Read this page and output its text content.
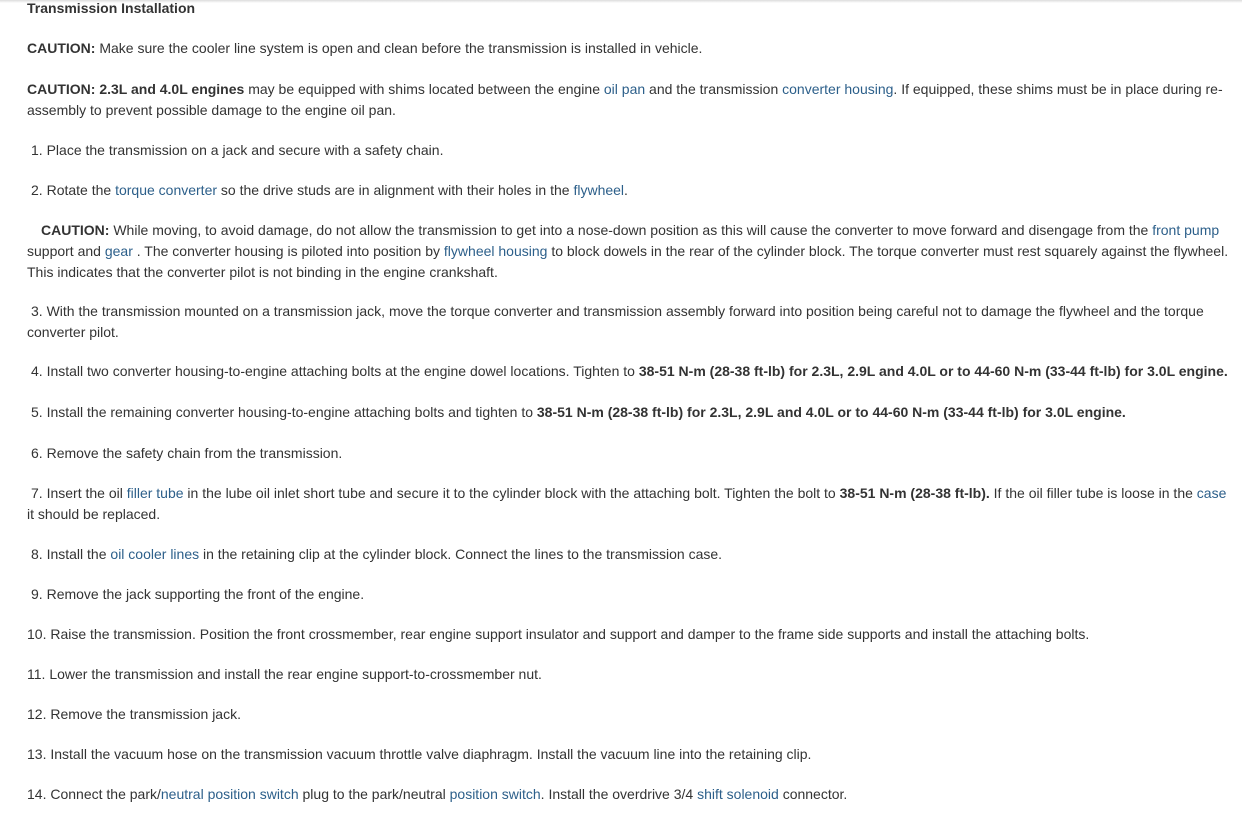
Transmission Installation
CAUTION: Make sure the cooler line system is open and clean before the transmission is installed in vehicle.
CAUTION: 2.3L and 4.0L engines may be equipped with shims located between the engine oil pan and the transmission converter housing. If equipped, these shims must be in place during re-
assembly to prevent possible damage to the engine oil pan.
1. Place the transmission on a jack and secure with a safety chain.
2. Rotate the torque converter so the drive studs are in alignment with their holes in the flywheel.
CAUTION: While moving, to avoid damage, do not allow the transmission to get into a nose-down position as this will cause the converter to move forward and disengage from the front pump
support and gear . The converter housing is piloted into position by flywheel housing to block dowels in the rear of the cylinder block. The torque converter must rest squarely against the flywheel.
This indicates that the converter pilot is not binding in the engine crankshaft.
3. With the transmission mounted on a transmission jack, move the torque converter and transmission assembly forward into position being careful not to damage the flywheel and the torque
converter pilot.
4. Install two converter housing-to-engine attaching bolts at the engine dowel locations. Tighten to 38-51 N-m (28-38 ft-lb) for 2.3L, 2.9L and 4.0L or to 44-60 N-m (33-44 ft-lb) for 3.0L engine.
5. Install the remaining converter housing-to-engine attaching bolts and tighten to 38-51 N-m (28-38 ft-lb) for 2.3L, 2.9L and 4.0L or to 44-60 N-m (33-44 ft-lb) for 3.0L engine.
6. Remove the safety chain from the transmission.
7. Insert the oil filler tube in the lube oil inlet short tube and secure it to the cylinder block with the attaching bolt. Tighten the bolt to 38-51 N-m (28-38 ft-lb). If the oil filler tube is loose in the case
it should be replaced.
8. Install the oil cooler lines in the retaining clip at the cylinder block. Connect the lines to the transmission case.
9. Remove the jack supporting the front of the engine.
10. Raise the transmission. Position the front crossmember, rear engine support insulator and support and damper to the frame side supports and install the attaching bolts.
11. Lower the transmission and install the rear engine support-to-crossmember nut.
12. Remove the transmission jack.
13. Install the vacuum hose on the transmission vacuum throttle valve diaphragm. Install the vacuum line into the retaining clip.
14. Connect the park/neutral position switch plug to the park/neutral position switch. Install the overdrive 3/4 shift solenoid connector.
